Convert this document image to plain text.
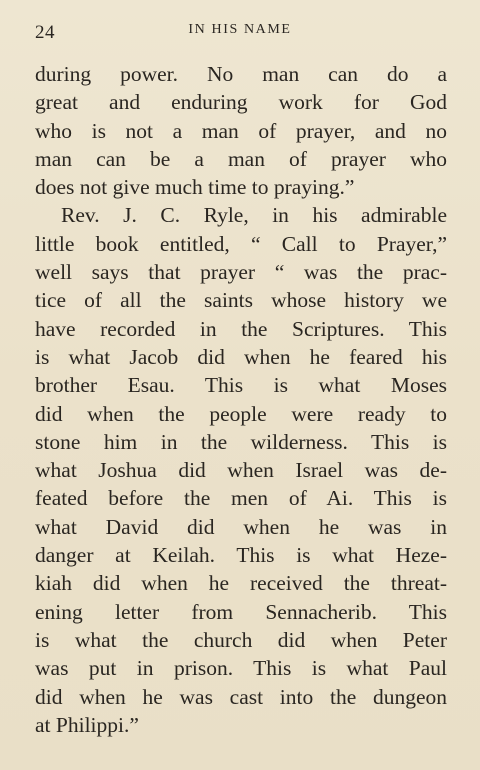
24	IN HIS NAME
during power. No man can do a
great and enduring work for God
who is not a man of prayer, and no
man can be a man of prayer who
does not give much time to praying.”
Rev. J. C. Ryle, in his admirable
little book entitled, “ Call to Prayer,”
well says that prayer “ was the prac-
tice of all the saints whose history we
have recorded in the Scriptures. This
is what Jacob did when he feared his
brother Esau. This is what Moses
did when the people were ready to
stone him in the wilderness. This is
what Joshua did when Israel was de-
feated before the men of Ai. This is
what David did when he was in
danger at Keilah. This is what Heze-
kiah did when he received the threat-
ening letter from Sennacherib. This
is what the church did when Peter
was put in prison. This is what Paul
did when he was cast into the dungeon
at Philippi.”
